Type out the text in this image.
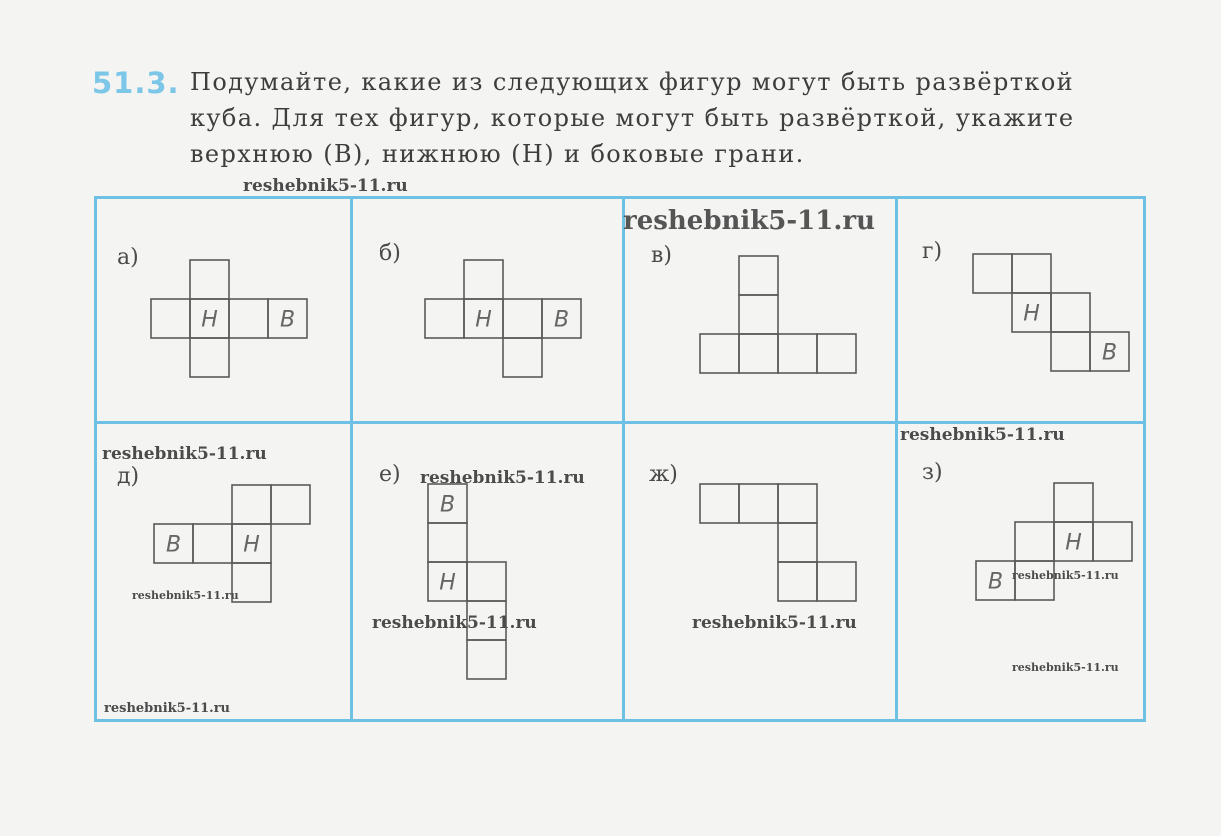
51.3. Подумайте, какие из следующих фигур могут быть развёрткой
куба. Для тех фигур, которые могут быть развёрткой, укажите
верхнюю (В), нижнюю (Н) и боковые грани.
а)
Н	В
б)
Н	В
в)	г)
Н
В
д)
В	Н
е)
В
Н
ж)	з)
Н
В
reshebnik5-11.ru
reshebnik5-11.ru
reshebnik5-11.ru
reshebnik5-11.ru
reshebnik5-11.ru
reshebnik5-11.ru
reshebnik5-11.ru	reshebnik5-11.ru
reshebnik5-11.ru
reshebnik5-11.ru
reshebnik5-11.ru
